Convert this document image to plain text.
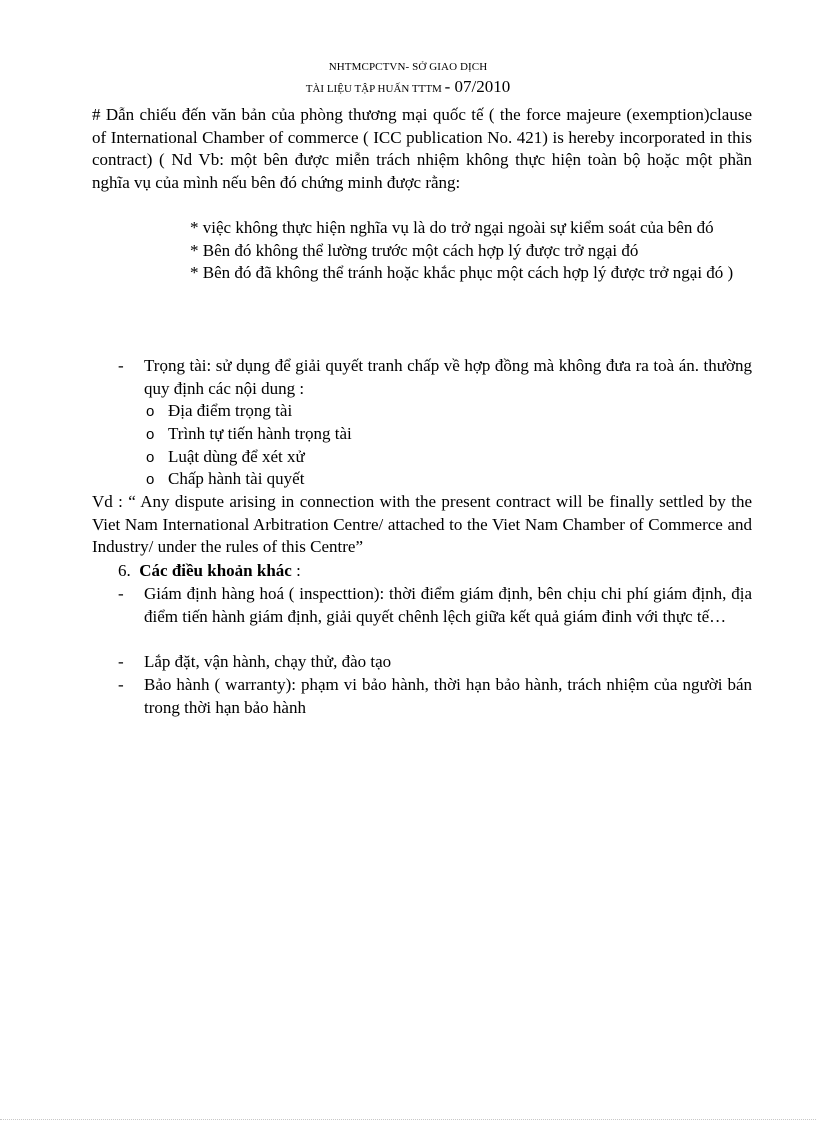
NHTMCPCTVN- SỞ GIAO DỊCH
TÀI LIỆU TẬP HUẤN TTTM - 07/2010
# Dẫn chiếu đến văn bản của phòng thương mại quốc tế ( the force majeure (exemption)clause of International Chamber of commerce ( ICC publication No. 421) is hereby incorporated in this contract) ( Nd Vb: một bên được miễn trách nhiệm không thực hiện toàn bộ hoặc một phần nghĩa vụ của mình nếu bên đó chứng minh được rằng:

* việc không thực hiện nghĩa vụ là do trở ngại ngoài sự kiểm soát của bên đó

* Bên đó không thể lường trước một cách hợp lý được trở ngại đó

* Bên đó đã không thể tránh hoặc khắc phục một cách hợp lý được trở ngại đó )

- Trọng tài: sử dụng để giải quyết tranh chấp về hợp đồng mà không đưa ra toà án. thường quy định các nội dung :
o Địa điểm trọng tài
o Trình tự tiến hành trọng tài
o Luật dùng để xét xử
o Chấp hành tài quyết
Vd : “ Any dispute arising in connection with the present contract will be finally settled by the Viet Nam International Arbitration Centre/ attached to the Viet Nam Chamber of Commerce and Industry/ under the rules of this Centre”
6. Các điều khoản khác :
- Giám định hàng hoá ( inspecttion): thời điểm giám định, bên chịu chi phí giám định, địa điểm tiến hành giám định, giải quyết chênh lệch giữa kết quả giám đinh với thực tế…
- Lắp đặt, vận hành, chạy thử, đào tạo
- Bảo hành ( warranty): phạm vi bảo hành, thời hạn bảo hành, trách nhiệm của người bán trong thời hạn bảo hành
